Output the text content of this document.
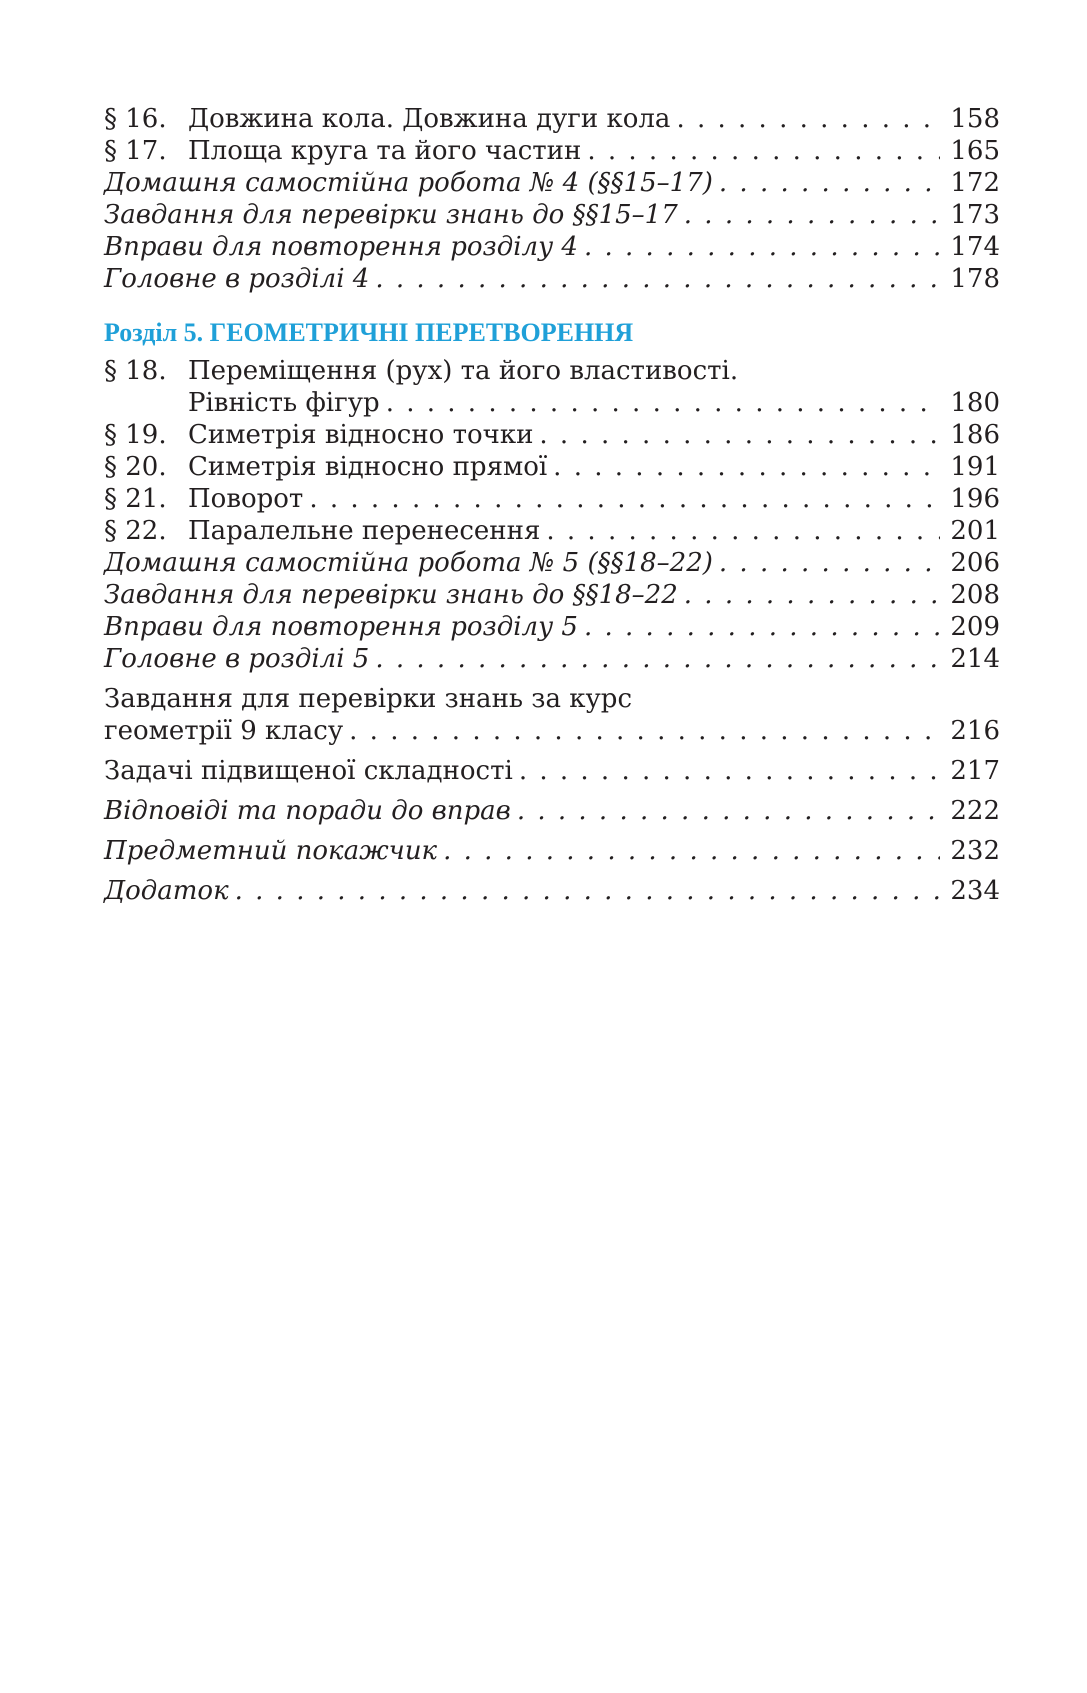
§ 16. Довжина кола. Довжина дуги кола . . .	158
§ 17. Площа круга та його частин . . .	165
Домашня самостійна робота № 4 (§§15–17) . . .	172
Завдання для перевірки знань до §§15–17 . . .	173
Вправи для повторення розділу 4 . . .	174
Головне в розділі 4 . . .	178
Розділ 5. ГЕОМЕТРИЧНІ ПЕРЕТВОРЕННЯ
§ 18. Переміщення (рух) та його властивості.
Рівність фігур . . .	180
§ 19. Симетрія відносно точки . . .	186
§ 20. Симетрія відносно прямої . . .	191
§ 21. Поворот . . .	196
§ 22. Паралельне перенесення . . .	201
Домашня самостійна робота № 5 (§§18–22) . . .	206
Завдання для перевірки знань до §§18–22 . . .	208
Вправи для повторення розділу 5 . . .	209
Головне в розділі 5 . . .	214
Завдання для перевірки знань за курс
геометрії 9 класу . . .	216
Задачі підвищеної складності . . .	217
Відповіді та поради до вправ . . .	222
Предметний покажчик . . .	232
Додаток . . .	234
